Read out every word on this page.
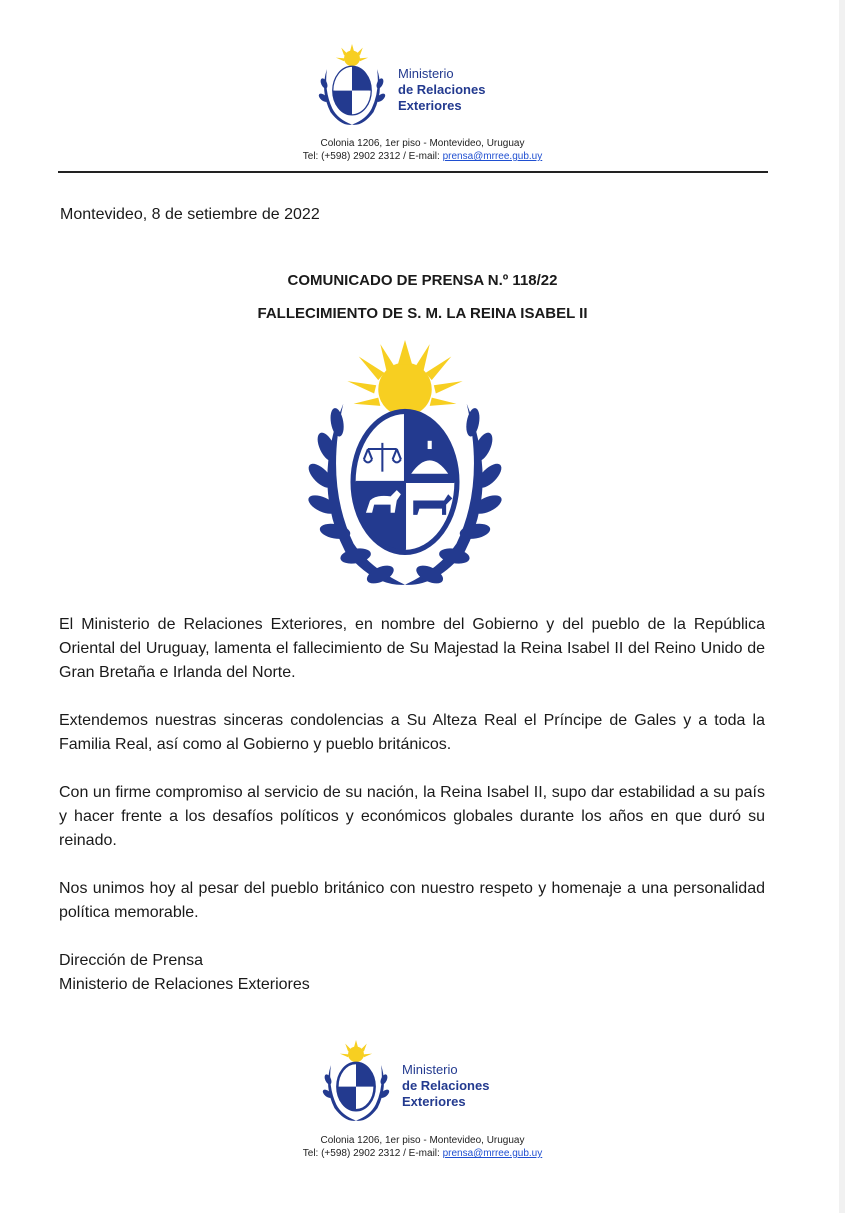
Ministerio
de Relaciones
Exteriores
Colonia 1206, 1er piso - Montevideo, Uruguay
Tel: (+598) 2902 2312 / E-mail: prensa@mrree.gub.uy
Montevideo, 8 de setiembre de 2022
COMUNICADO DE PRENSA N.º 118/22
FALLECIMIENTO DE S. M. LA REINA ISABEL II

El Ministerio de Relaciones Exteriores, en nombre del Gobierno y del pueblo de la República Oriental del Uruguay, lamenta el fallecimiento de Su Majestad la Reina Isabel II del Reino Unido de Gran Bretaña e Irlanda del Norte.

Extendemos nuestras sinceras condolencias a Su Alteza Real el Príncipe de Gales y a toda la Familia Real, así como al Gobierno y pueblo británicos.

Con un firme compromiso al servicio de su nación, la Reina Isabel II, supo dar estabilidad a su país y hacer frente a los desafíos políticos y económicos globales durante los años en que duró su reinado.

Nos unimos hoy al pesar del pueblo británico con nuestro respeto y homenaje a una personalidad política memorable.

Dirección de Prensa
Ministerio de Relaciones Exteriores
Ministerio
de Relaciones
Exteriores
Colonia 1206, 1er piso - Montevideo, Uruguay
Tel: (+598) 2902 2312 / E-mail: prensa@mrree.gub.uy
